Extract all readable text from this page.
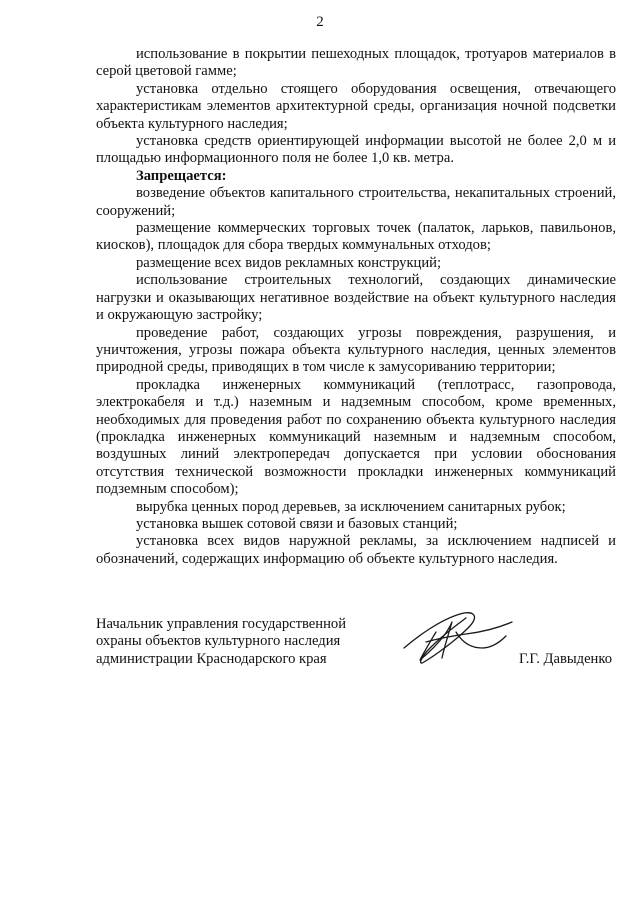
2

использование в покрытии пешеходных площадок, тротуаров материалов в серой цветовой гамме;

установка отдельно стоящего оборудования освещения, отвечающего характеристикам элементов архитектурной среды, организация ночной подсветки объекта культурного наследия;

установка средств ориентирующей информации высотой не более 2,0 м и площадью информационного поля не более 1,0 кв. метра.

Запрещается:

возведение объектов капитального строительства, некапитальных строений, сооружений;

размещение коммерческих торговых точек (палаток, ларьков, павильонов, киосков), площадок для сбора твердых коммунальных отходов;

размещение всех видов рекламных конструкций;

использование строительных технологий, создающих динамические нагрузки и оказывающих негативное воздействие на объект культурного наследия и окружающую застройку;

проведение работ, создающих угрозы повреждения, разрушения, и уничтожения, угрозы пожара объекта культурного наследия, ценных элементов природной среды, приводящих в том числе к замусориванию территории;

прокладка инженерных коммуникаций (теплотрасс, газопровода, электрокабеля и т.д.) наземным и надземным способом, кроме временных, необходимых для проведения работ по сохранению объекта культурного наследия (прокладка инженерных коммуникаций наземным и надземным способом, воздушных линий электропередач допускается при условии обоснования отсутствия технической возможности прокладки инженерных коммуникаций подземным способом);

вырубка ценных пород деревьев, за исключением санитарных рубок;

установка вышек сотовой связи и базовых станций;

установка всех видов наружной рекламы, за исключением надписей и обозначений, содержащих информацию об объекте культурного наследия.

Начальник управления государственной

охраны объектов культурного наследия

администрации Краснодарского края	Г.Г. Давыденко
